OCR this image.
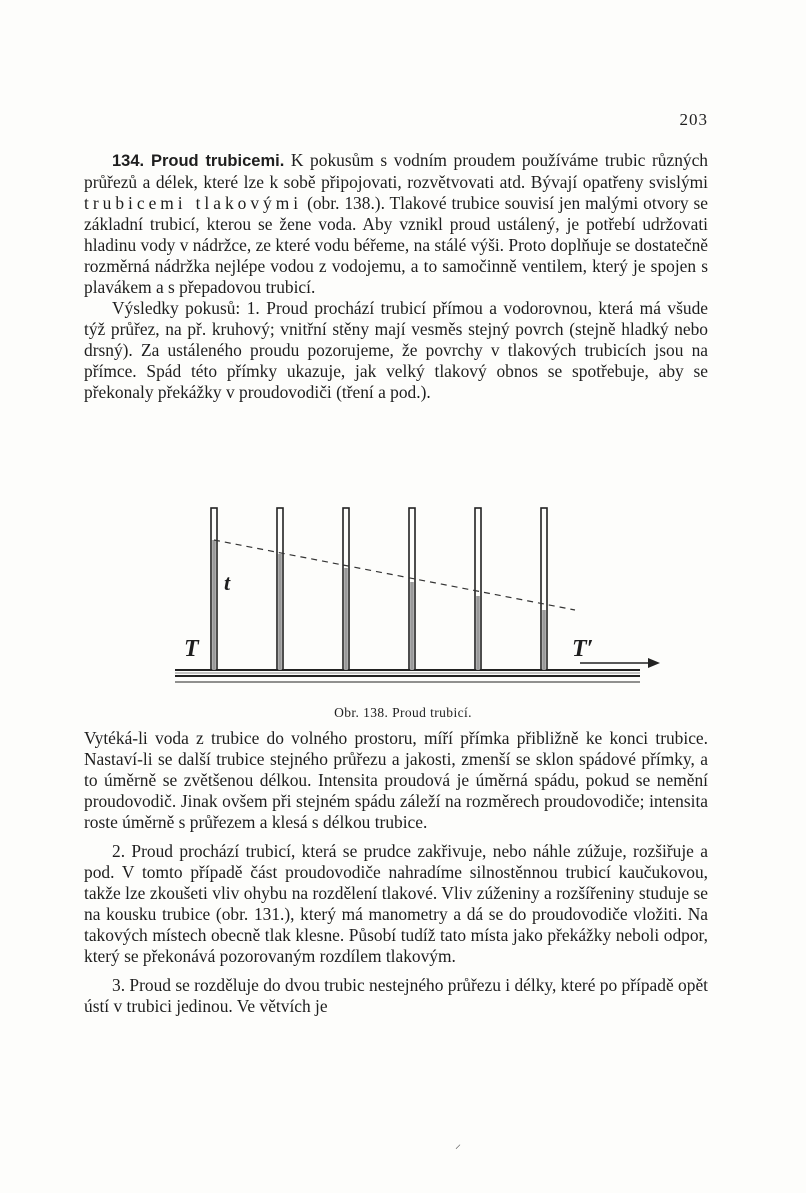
203

134. Proud trubicemi. K pokusům s vodním proudem používáme trubic různých průřezů a délek, které lze k sobě připojovati, rozvětvovati atd. Bývají opatřeny svislými trubicemi tlakovými (obr. 138.). Tlakové trubice souvisí jen malými otvory se základní trubicí, kterou se žene voda. Aby vznikl proud ustálený, je potřebí udržovati hladinu vody v nádržce, ze které vodu béřeme, na stálé výši. Proto doplňuje se dostatečně rozměrná nádržka nejlépe vodou z vodojemu, a to samočinně ventilem, který je spojen s plavákem a s přepadovou trubicí.

Výsledky pokusů: 1. Proud prochází trubicí přímou a vodorovnou, která má všude týž průřez, na př. kruhový; vnitřní stěny mají vesměs stejný povrch (stejně hladký nebo drsný). Za ustáleného proudu pozorujeme, že povrchy v tlakových trubicích jsou na přímce. Spád této přímky ukazuje, jak velký tlakový obnos se spotřebuje, aby se překonaly překážky v proudovodiči (tření a pod.).

T	T′
t
Obr. 138. Proud trubicí.

Vytéká-li voda z trubice do volného prostoru, míří přímka přibližně ke konci trubice. Nastaví-li se další trubice stejného průřezu a jakosti, zmenší se sklon spádové přímky, a to úměrně se zvětšenou délkou. Intensita proudová je úměrná spádu, pokud se nemění proudovodič. Jinak ovšem při stejném spádu záleží na rozměrech proudovodiče; intensita roste úměrně s průřezem a klesá s délkou trubice.

2. Proud prochází trubicí, která se prudce zakřivuje, nebo náhle zúžuje, rozšiřuje a pod. V tomto případě část proudovodiče nahradíme silnostěnnou trubicí kaučukovou, takže lze zkoušeti vliv ohybu na rozdělení tlakové. Vliv zúženiny a rozšířeniny studuje se na kousku trubice (obr. 131.), který má manometry a dá se do proudovodiče vložiti. Na takových místech obecně tlak klesne. Působí tudíž tato místa jako překážky neboli odpor, který se překonává pozorovaným rozdílem tlakovým.

3. Proud se rozděluje do dvou trubic nestejného průřezu i délky, které po případě opět ústí v trubici jedinou. Ve větvích je

⸝
